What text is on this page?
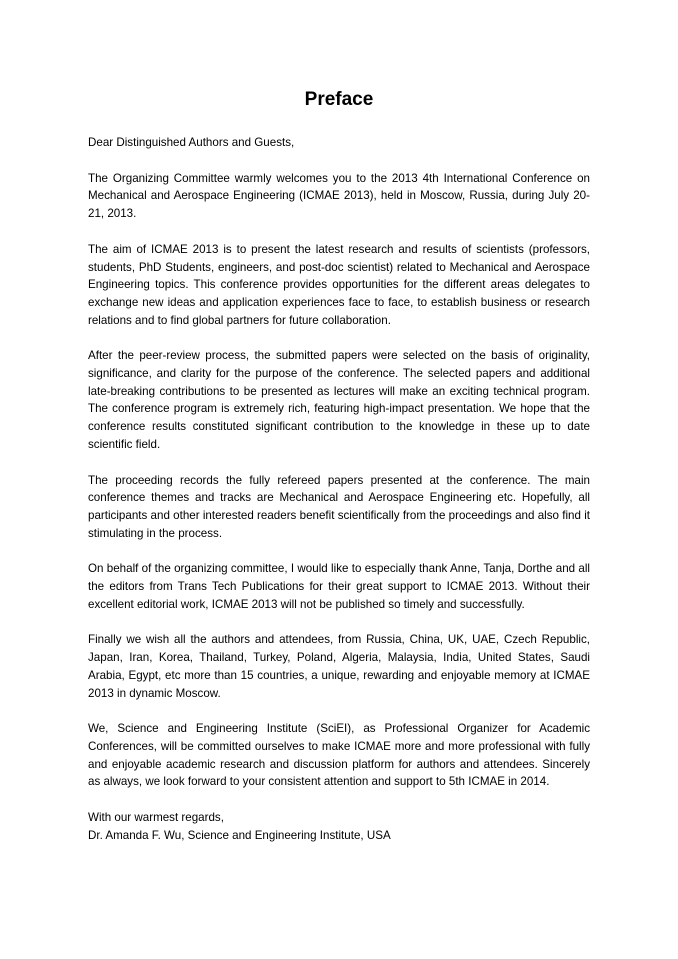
Preface

Dear Distinguished Authors and Guests,

The Organizing Committee warmly welcomes you to the 2013 4th International Conference on Mechanical and Aerospace Engineering (ICMAE 2013), held in Moscow, Russia, during July 20-21, 2013.

The aim of ICMAE 2013 is to present the latest research and results of scientists (professors, students, PhD Students, engineers, and post-doc scientist) related to Mechanical and Aerospace Engineering topics. This conference provides opportunities for the different areas delegates to exchange new ideas and application experiences face to face, to establish business or research relations and to find global partners for future collaboration.

After the peer-review process, the submitted papers were selected on the basis of originality, significance, and clarity for the purpose of the conference. The selected papers and additional late-breaking contributions to be presented as lectures will make an exciting technical program. The conference program is extremely rich, featuring high-impact presentation. We hope that the conference results constituted significant contribution to the knowledge in these up to date scientific field.

The proceeding records the fully refereed papers presented at the conference. The main conference themes and tracks are Mechanical and Aerospace Engineering etc. Hopefully, all participants and other interested readers benefit scientifically from the proceedings and also find it stimulating in the process.

On behalf of the organizing committee, I would like to especially thank Anne, Tanja, Dorthe and all the editors from Trans Tech Publications for their great support to ICMAE 2013. Without their excellent editorial work, ICMAE 2013 will not be published so timely and successfully.

Finally we wish all the authors and attendees, from Russia, China, UK, UAE, Czech Republic, Japan, Iran, Korea, Thailand, Turkey, Poland, Algeria, Malaysia, India, United States, Saudi Arabia, Egypt, etc more than 15 countries, a unique, rewarding and enjoyable memory at ICMAE 2013 in dynamic Moscow.

We, Science and Engineering Institute (SciEI), as Professional Organizer for Academic Conferences, will be committed ourselves to make ICMAE more and more professional with fully and enjoyable academic research and discussion platform for authors and attendees. Sincerely as always, we look forward to your consistent attention and support to 5th ICMAE in 2014.

With our warmest regards,

Dr. Amanda F. Wu, Science and Engineering Institute, USA
